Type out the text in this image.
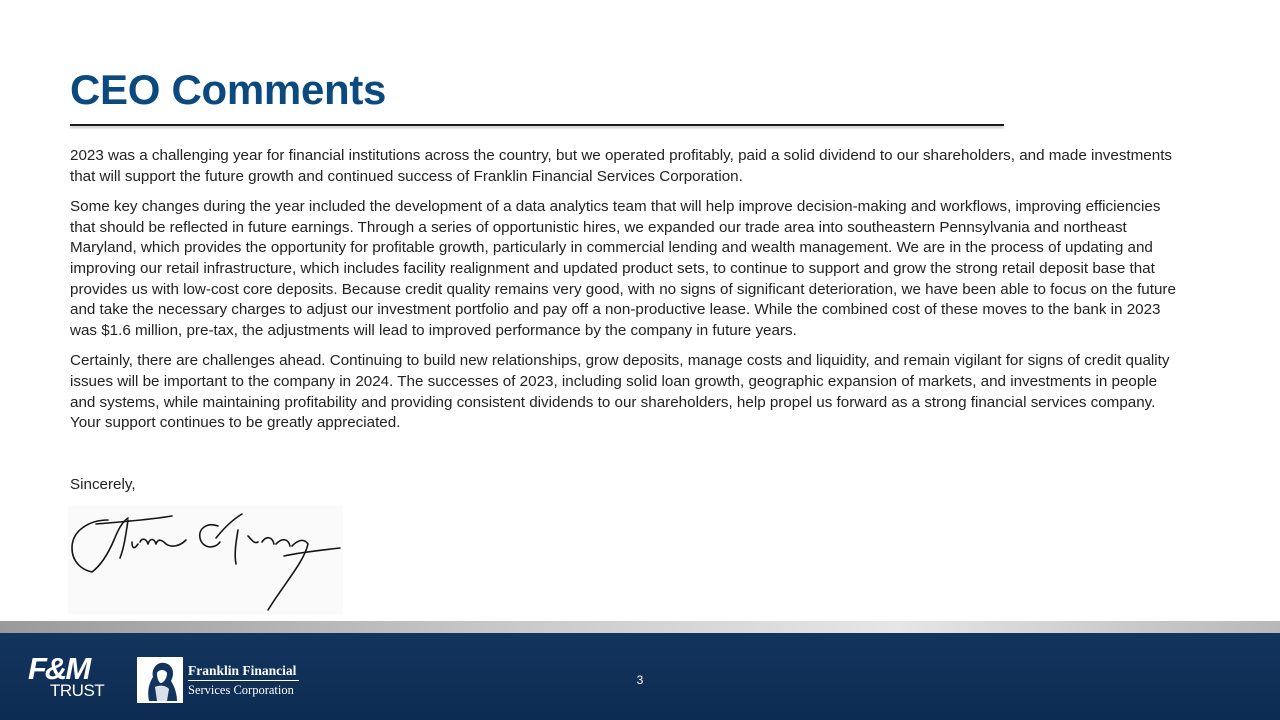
CEO Comments

2023 was a challenging year for financial institutions across the country, but we operated profitably, paid a solid dividend to our shareholders, and made investments that will support the future growth and continued success of Franklin Financial Services Corporation.

Some key changes during the year included the development of a data analytics team that will help improve decision-making and workflows, improving efficiencies that should be reflected in future earnings. Through a series of opportunistic hires, we expanded our trade area into southeastern Pennsylvania and northeast Maryland, which provides the opportunity for profitable growth, particularly in commercial lending and wealth management. We are in the process of updating and improving our retail infrastructure, which includes facility realignment and updated product sets, to continue to support and grow the strong retail deposit base that provides us with low-cost core deposits. Because credit quality remains very good, with no signs of significant deterioration, we have been able to focus on the future and take the necessary charges to adjust our investment portfolio and pay off a non-productive lease. While the combined cost of these moves to the bank in 2023 was $1.6 million, pre-tax, the adjustments will lead to improved performance by the company in future years.

Certainly, there are challenges ahead. Continuing to build new relationships, grow deposits, manage costs and liquidity, and remain vigilant for signs of credit quality issues will be important to the company in 2024. The successes of 2023, including solid loan growth, geographic expansion of markets, and investments in people and systems, while maintaining profitability and providing consistent dividends to our shareholders, help propel us forward as a strong financial services company. Your support continues to be greatly appreciated.

Sincerely,

F&M
TRUST
Franklin Financial
Services Corporation
3
